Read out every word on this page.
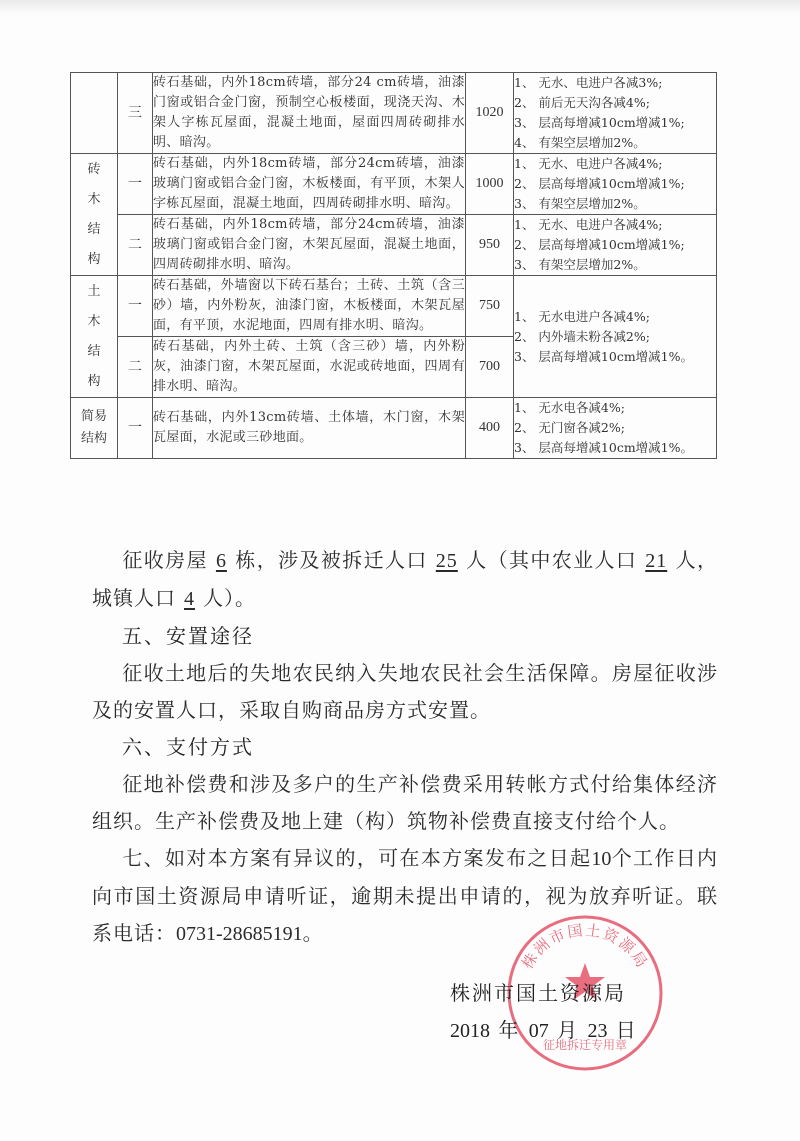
	三	砖石基础，内外18cm砖墙，部分24 cm砖墙，油漆门窗或铝合金门窗，预制空心板楼面，现浇天沟、木架人字栋瓦屋面，混凝土地面，屋面四周砖砌排水明、暗沟。	1020	1、 无水、电进户各减3%;
2、 前后无天沟各减4%;
3、 层高每增减10cm增减1%;
4、 有架空层增加2%。

砖木结构	一	砖石基础，内外18cm砖墙，部分24cm砖墙，油漆玻璃门窗或铝合金门窗，木板楼面，有平顶，木架人字栋瓦屋面，混凝土地面，四周砖砌排水明、暗沟。	1000	1、 无水、电进户各减4%;
2、 层高每增减10cm增减1%;
3、 有架空层增加2%。

	二	砖石基础，内外18cm砖墙，部分24cm砖墙，油漆玻璃门窗或铝合金门窗，木架瓦屋面，混凝土地面，四周砖砌排水明、暗沟。	950	1、 无水、电进户各减4%;
2、 层高每增减10cm增减1%;
3、 有架空层增加2%。

土木结构	一	砖石基础，外墙窗以下砖石基台；土砖、土筑（含三砂）墙，内外粉灰，油漆门窗，木板楼面，木架瓦屋面，有平顶，水泥地面，四周有排水明、暗沟。	750	1、 无水电进户各减4%;
2、 内外墙未粉各减2%;
3、 层高每增减10cm增减1%。

	二	砖石基础，内外土砖、土筑（含三砂）墙，内外粉灰，油漆门窗，木架瓦屋面，水泥或砖地面，四周有排水明、暗沟。	700	

简易结构	一	砖石基础，内外13cm砖墙、土体墙，木门窗，木架瓦屋面，水泥或三砂地面。	400	1、 无水电各减4%;
2、 无门窗各减2%;
3、 层高每增减10cm增减1%。

征收房屋 6 栋，涉及被拆迁人口 25 人（其中农业人口 21 人，城镇人口 4 人）。

五、安置途径

征收土地后的失地农民纳入失地农民社会生活保障。房屋征收涉及的安置人口，采取自购商品房方式安置。

六、支付方式

征地补偿费和涉及多户的生产补偿费采用转帐方式付给集体经济组织。生产补偿费及地上建（构）筑物补偿费直接支付给个人。

七、如对本方案有异议的，可在本方案发布之日起10个工作日内向市国土资源局申请听证，逾期未提出申请的，视为放弃听证。联系电话：0731-28685191。

株洲市国土资源局
征地拆迁专用章
株洲市国土资源局
2018 年 07 月 23 日
